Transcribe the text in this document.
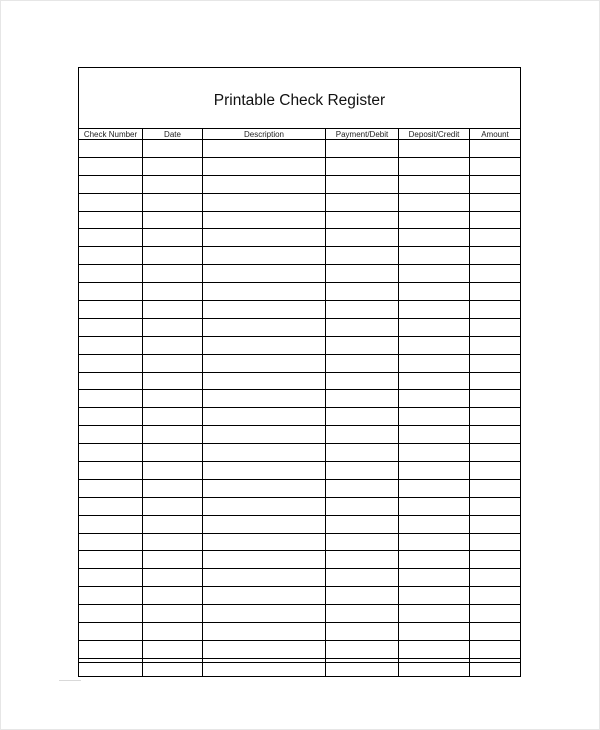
Printable Check Register
Check Number	Date	Description	Payment/Debit	Deposit/Credit	Amount
